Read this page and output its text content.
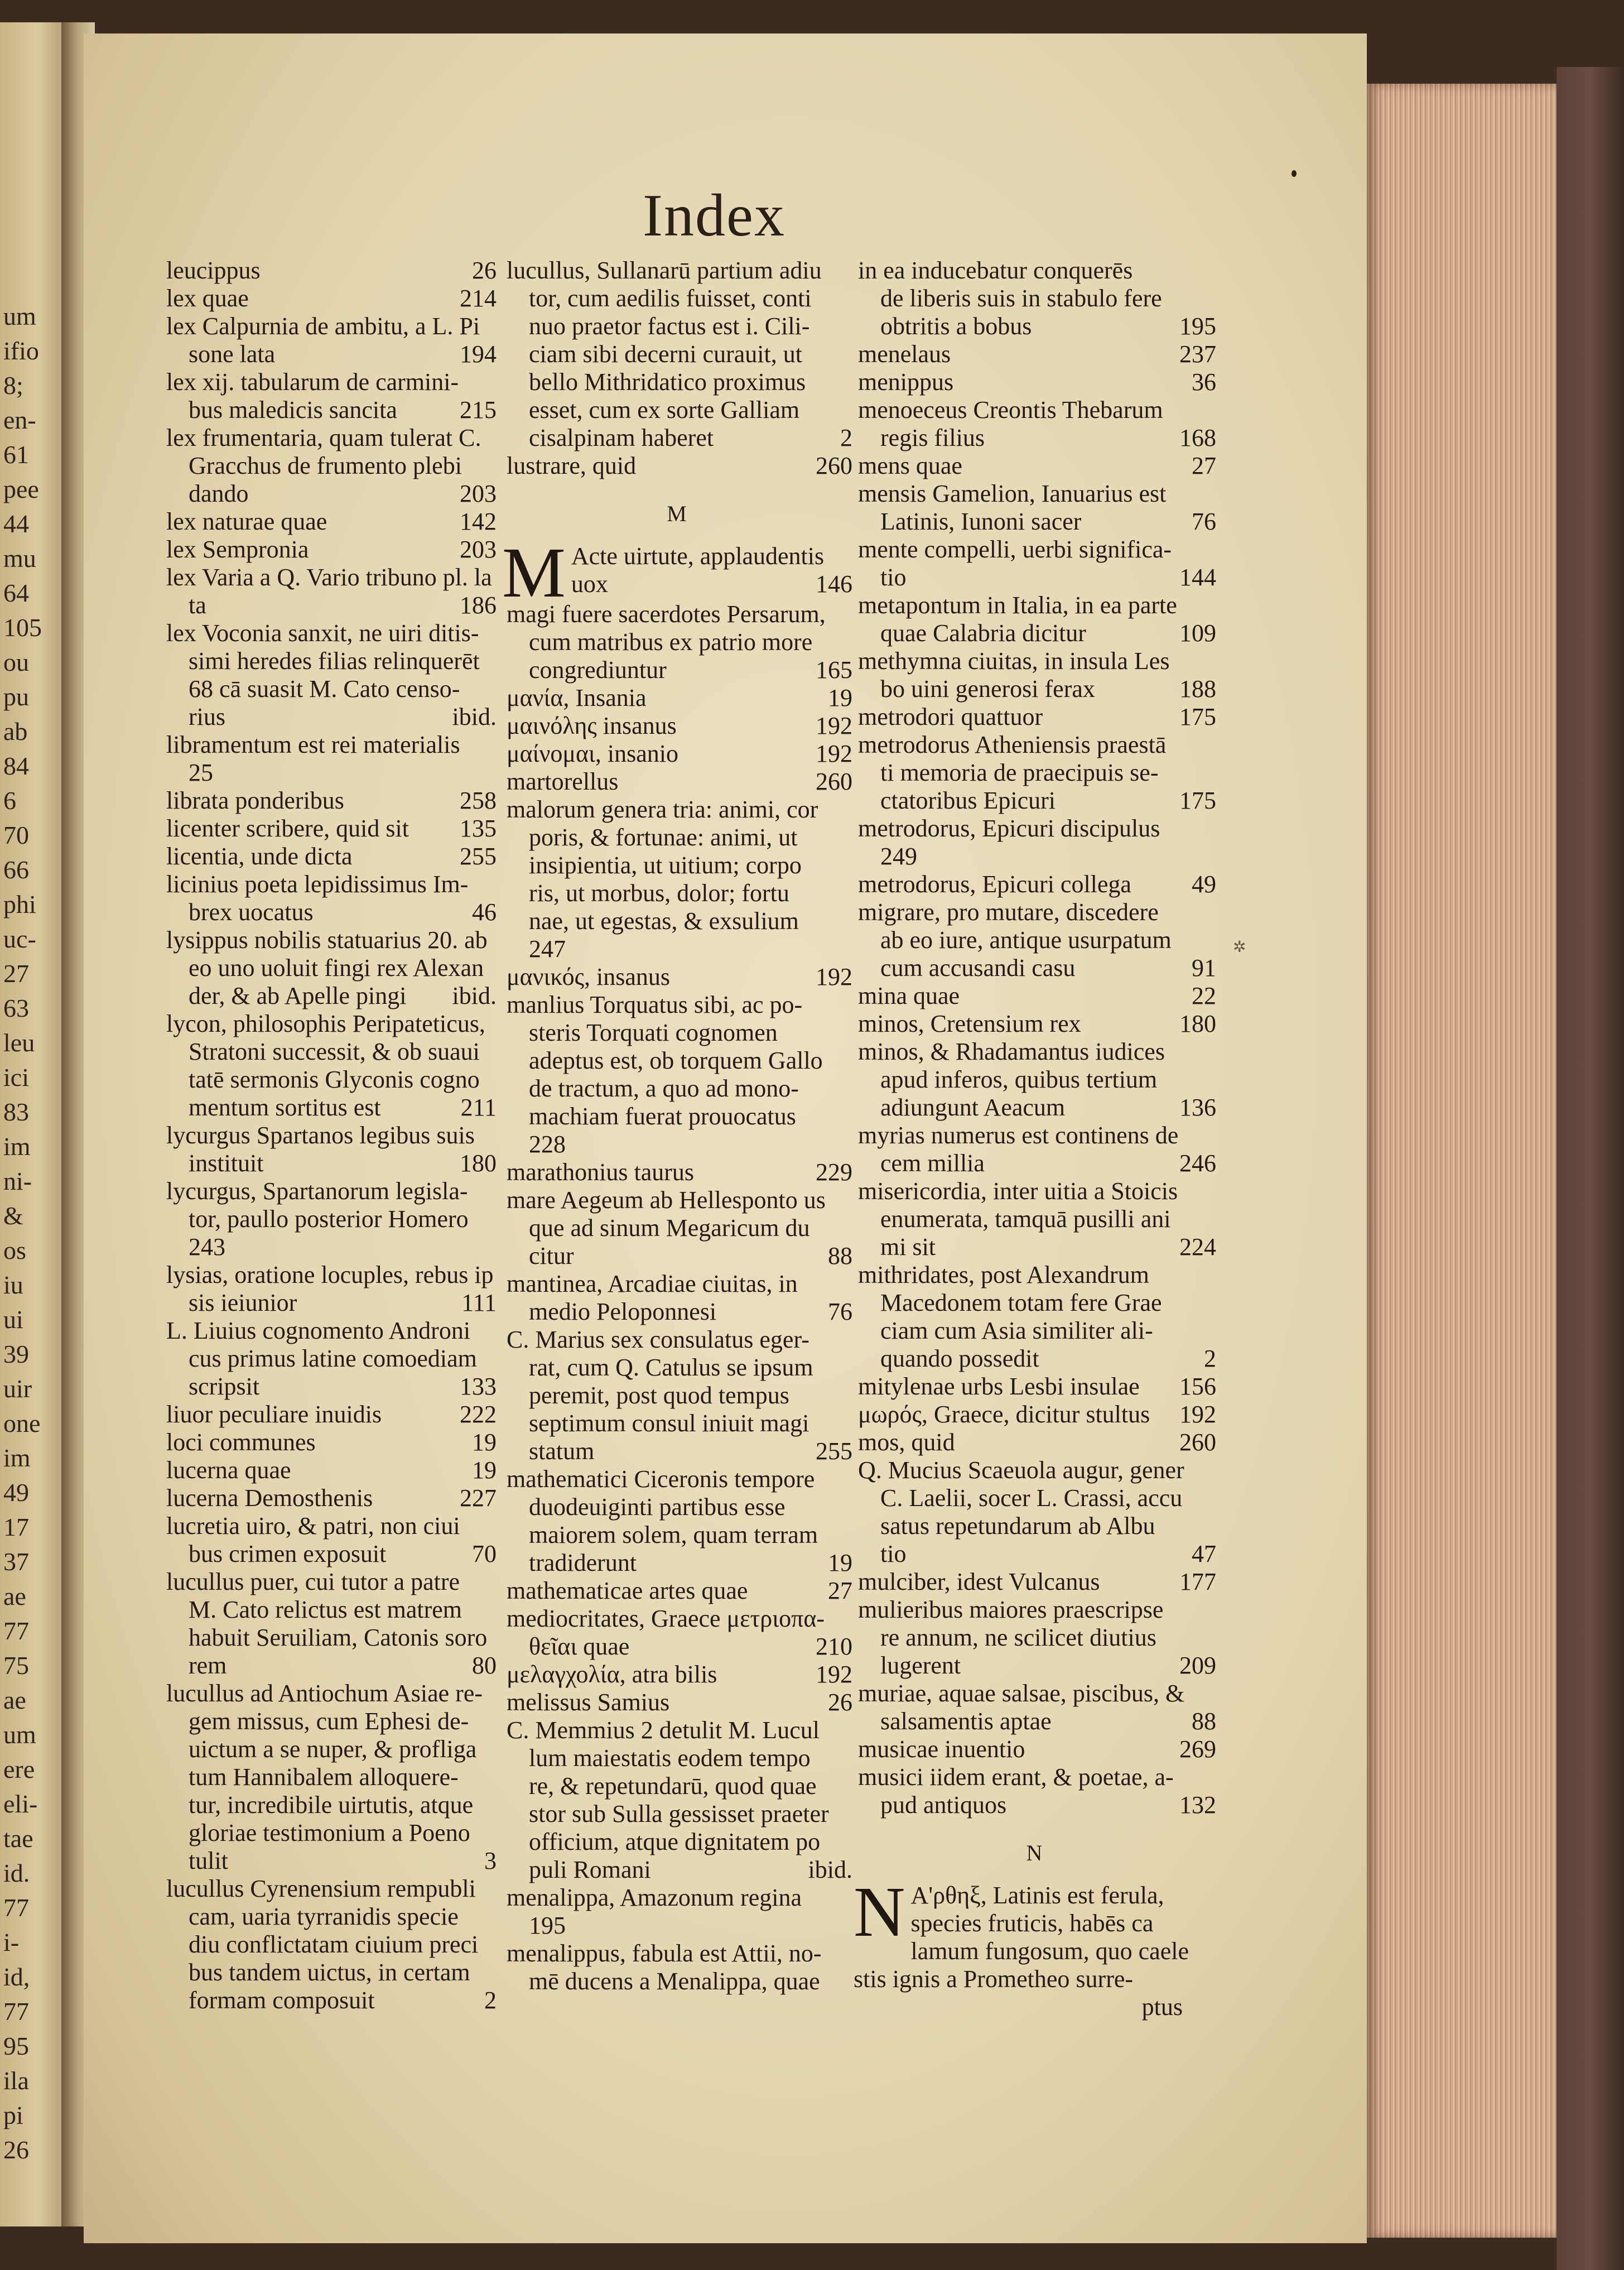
um
ifio
8;
en-
61
pee
44
mu
64
105
ou
pu
ab
84
6
70
66
phi
uc-
27
63
leu
ici
83
im
ni-
&
os
iu
ui
39
uir
one
im
49
17
37
ae
77
75
ae
um
ere
eli-
tae
id.
77
i-
id,
77
95
ila
pi
26
Index
leucippus	26
lex quae	214
lex Calpurnia de ambitu, a L. Pi
sone lata	194
lex xij. tabularum de carmini-
bus maledicis sancita	215
lex frumentaria, quam tulerat C.
Gracchus de frumento plebi
dando	203
lex naturae quae	142
lex Sempronia	203
lex Varia a Q. Vario tribuno pl. la
ta	186
lex Voconia sanxit, ne uiri ditis-
simi heredes filias relinquerēt
68 cā suasit M. Cato censo-
rius	ibid.
libramentum est rei materialis
25
librata ponderibus	258
licenter scribere, quid sit 135
licentia, unde dicta	255
licinius poeta lepidissimus Im-
brex uocatus	46
lysippus nobilis statuarius 20. ab
eo uno uoluit fingi rex Alexan
der, & ab Apelle pingi ibid.
lycon, philosophis Peripateticus,
Stratoni successit, & ob suaui
tatē sermonis Glyconis cogno
mentum sortitus est	211
lycurgus Spartanos legibus suis
instituit	180
lycurgus, Spartanorum legisla-
tor, paullo posterior Homero
243
lysias, oratione locuples, rebus ip
sis ieiunior	111
L. Liuius cognomento Androni
cus primus latine comoediam
scripsit	133
liuor peculiare inuidis	222
loci communes	19
lucerna quae	19
lucerna Demosthenis	227
lucretia uiro, & patri, non ciui
bus crimen exposuit	70
lucullus puer, cui tutor a patre
M. Cato relictus est matrem
habuit Seruiliam, Catonis soro
rem	80
lucullus ad Antiochum Asiae re-
gem missus, cum Ephesi de-
uictum a se nuper, & profliga
tum Hannibalem alloquere-
tur, incredibile uirtutis, atque
gloriae testimonium a Poeno
tulit	3
lucullus Cyrenensium rempubli
cam, uaria tyrranidis specie
diu conflictatam ciuium preci
bus tandem uictus, in certam
formam composuit	2
lucullus, Sullanarū partium adiu
tor, cum aedilis fuisset, conti
nuo praetor factus est i. Cili-
ciam sibi decerni curauit, ut
bello Mithridatico proximus
esset, cum ex sorte Galliam
cisalpinam haberet	2
lustrare, quid	260
M
M Acte uirtute, applaudentis
uox	146
magi fuere sacerdotes Persarum,
cum matribus ex patrio more
congrediuntur	165
μανία, Insania	19
μαινόλης insanus	192
μαίνομαι, insanio	192
martorellus	260
malorum genera tria: animi, cor
poris, & fortunae: animi, ut
insipientia, ut uitium; corpo
ris, ut morbus, dolor; fortu
nae, ut egestas, & exsulium
247
μανικός, insanus	192
manlius Torquatus sibi, ac po-
steris Torquati cognomen
adeptus est, ob torquem Gallo
de tractum, a quo ad mono-
machiam fuerat prouocatus
228
marathonius taurus	229
mare Aegeum ab Hellesponto us
que ad sinum Megaricum du
citur	88
mantinea, Arcadiae ciuitas, in
medio Peloponnesi	76
C. Marius sex consulatus eger-
rat, cum Q. Catulus se ipsum
peremit, post quod tempus
septimum consul iniuit magi
statum	255
mathematici Ciceronis tempore
duodeuiginti partibus esse
maiorem solem, quam terram
tradiderunt	19
mathematicae artes quae	27
mediocritates, Graece μετριοπα-
θεῖαι quae	210
μελαγχολία, atra bilis	192
melissus Samius	26
C. Memmius 2 detulit M. Lucul
lum maiestatis eodem tempo
re, & repetundarū, quod quae
stor sub Sulla gessisset praeter
officium, atque dignitatem po
puli Romani	ibid.
menalippa, Amazonum regina
195
menalippus, fabula est Attii, no-
mē ducens a Menalippa, quae
in ea inducebatur conquerēs
de liberis suis in stabulo fere
obtritis a bobus	195
menelaus	237
menippus	36
menoeceus Creontis Thebarum
regis filius	168
mens quae	27
mensis Gamelion, Ianuarius est
Latinis, Iunoni sacer	76
mente compelli, uerbi significa-
tio	144
metapontum in Italia, in ea parte
quae Calabria dicitur	109
methymna ciuitas, in insula Les
bo uini generosi ferax	188
metrodori quattuor	175
metrodorus Atheniensis praestā
ti memoria de praecipuis se-
ctatoribus Epicuri	175
metrodorus, Epicuri discipulus
249
metrodorus, Epicuri collega 49
migrare, pro mutare, discedere
ab eo iure, antique usurpatum
cum accusandi casu	91
mina quae	22
minos, Cretensium rex	180
minos, & Rhadamantus iudices
apud inferos, quibus tertium
adiungunt Aeacum	136
myrias numerus est continens de
cem millia	246
misericordia, inter uitia a Stoicis
enumerata, tamquā pusilli ani
mi sit	224
mithridates, post Alexandrum
Macedonem totam fere Grae
ciam cum Asia similiter ali-
quando possedit	2
mitylenae urbs Lesbi insulae 156
μωρός, Graece, dicitur stultus 192
mos, quid	260
Q. Mucius Scaeuola augur, gener
C. Laelii, socer L. Crassi, accu
satus repetundarum ab Albu
tio	47
mulciber, idest Vulcanus	177
mulieribus maiores praescripse
re annum, ne scilicet diutius
lugerent	209
muriae, aquae salsae, piscibus, &
salsamentis aptae	88
musicae inuentio	269
musici iidem erant, & poetae, a-
pud antiquos	132
N
N Α'ρθηξ, Latinis est ferula,
species fruticis, habēs ca
lamum fungosum, quo caele
stis ignis a Prometheo surre-
ptus
✲
